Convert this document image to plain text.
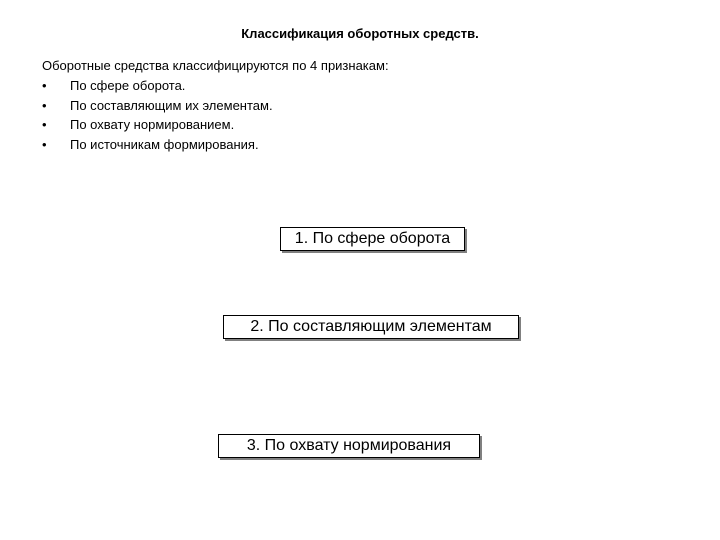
Классификация оборотных средств.
Оборотные средства классифицируются по 4 признакам:
•	По сфере оборота.
•	По составляющим их элементам.
•	По охвату нормированием.
•	По источникам формирования.
1. По сфере оборота
2. По составляющим элементам
3. По охвату нормирования
